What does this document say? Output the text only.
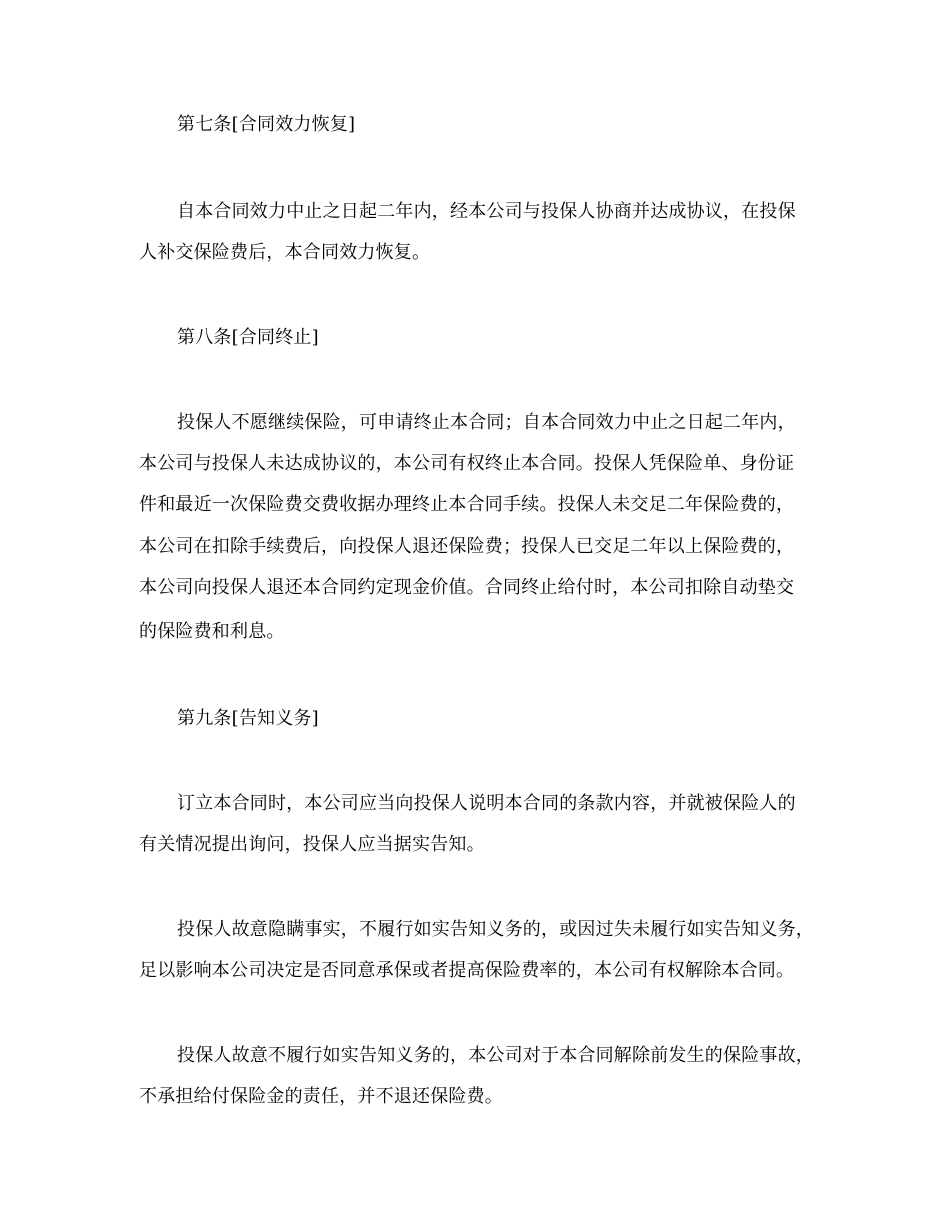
第七条[合同效力恢复]
自本合同效力中止之日起二年内，经本公司与投保人协商并达成协议，在投保
人补交保险费后，本合同效力恢复。
第八条[合同终止]
投保人不愿继续保险，可申请终止本合同；自本合同效力中止之日起二年内，
本公司与投保人未达成协议的，本公司有权终止本合同。投保人凭保险单、身份证
件和最近一次保险费交费收据办理终止本合同手续。投保人未交足二年保险费的，
本公司在扣除手续费后，向投保人退还保险费；投保人已交足二年以上保险费的，
本公司向投保人退还本合同约定现金价值。合同终止给付时，本公司扣除自动垫交
的保险费和利息。
第九条[告知义务]
订立本合同时，本公司应当向投保人说明本合同的条款内容，并就被保险人的
有关情况提出询问，投保人应当据实告知。
投保人故意隐瞒事实，不履行如实告知义务的，或因过失未履行如实告知义务，
足以影响本公司决定是否同意承保或者提高保险费率的，本公司有权解除本合同。
投保人故意不履行如实告知义务的，本公司对于本合同解除前发生的保险事故，
不承担给付保险金的责任，并不退还保险费。
